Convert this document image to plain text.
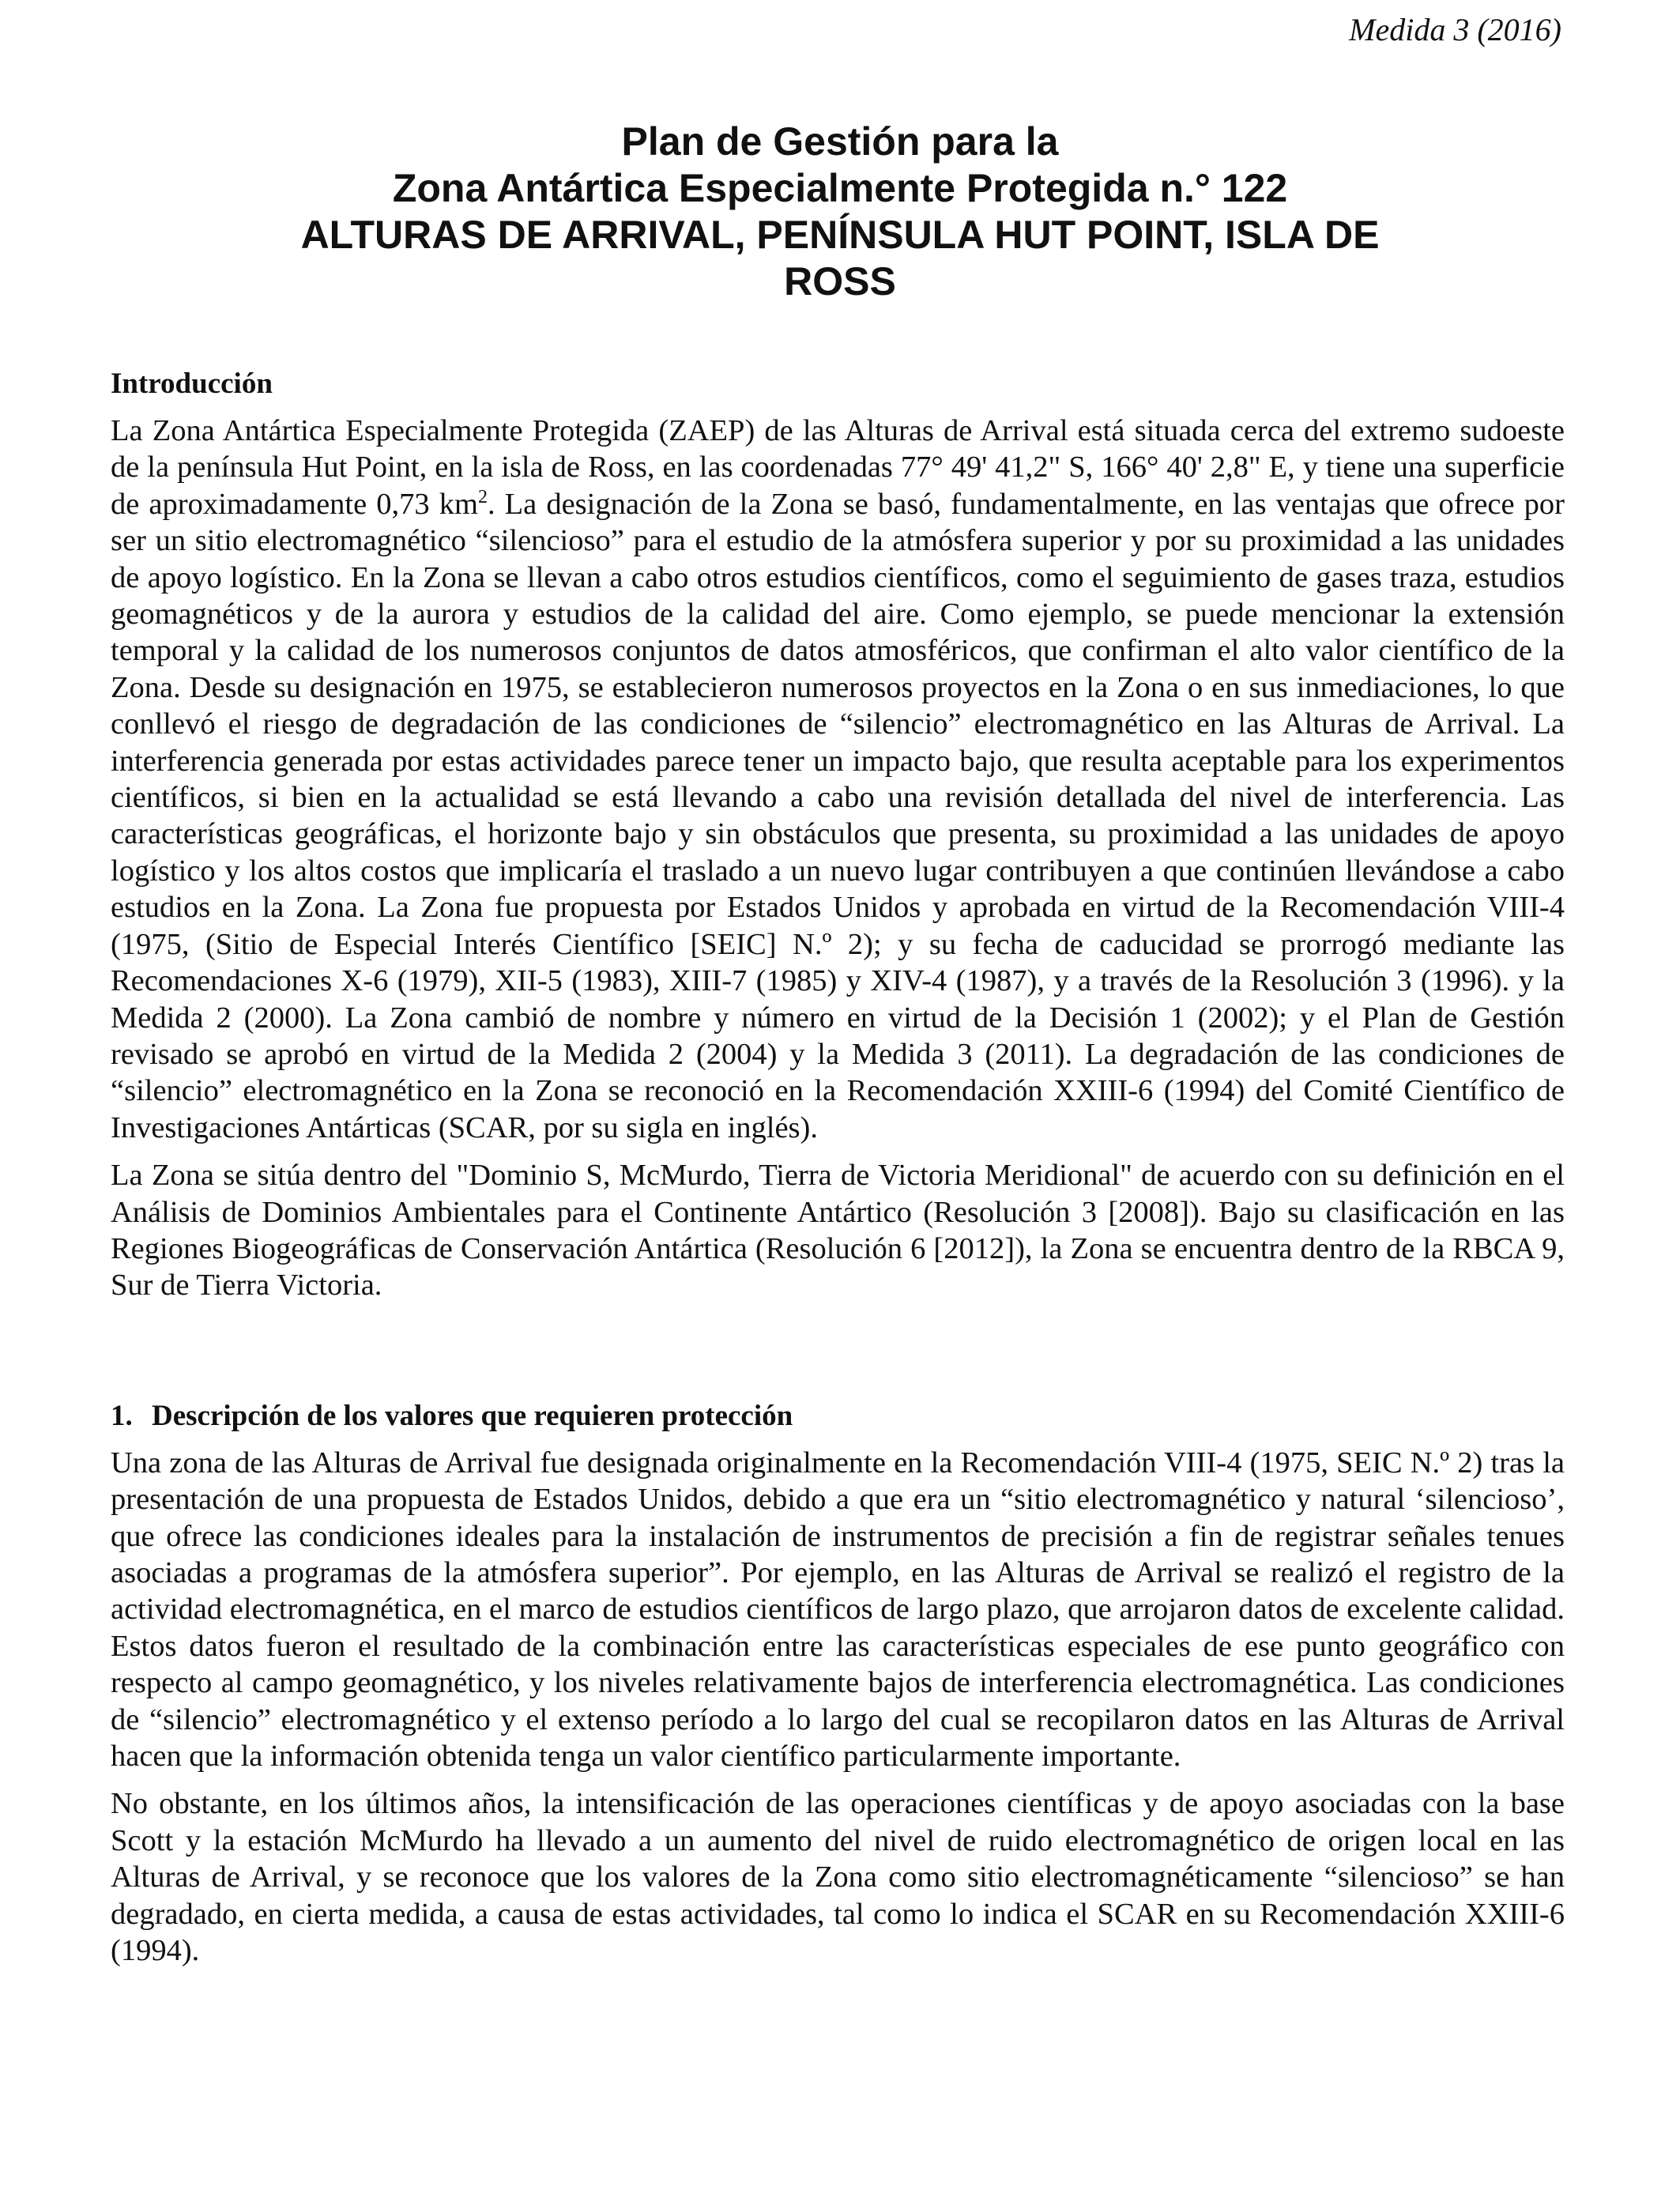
Medida 3 (2016)
Plan de Gestión para la
Zona Antártica Especialmente Protegida n.° 122
ALTURAS DE ARRIVAL, PENÍNSULA HUT POINT, ISLA DE
ROSS
Introducción

La Zona Antártica Especialmente Protegida (ZAEP) de las Alturas de Arrival está situada cerca del extremo sudoeste de la península Hut Point, en la isla de Ross, en las coordenadas 77° 49' 41,2" S, 166° 40' 2,8" E, y tiene una superficie de aproximadamente 0,73 $km^2$. La designación de la Zona se basó, fundamentalmente, en las ventajas que ofrece por ser un sitio electromagnético “silencioso” para el estudio de la atmósfera superior y por su proximidad a las unidades de apoyo logístico. En la Zona se llevan a cabo otros estudios científicos, como el seguimiento de gases traza, estudios geomagnéticos y de la aurora y estudios de la calidad del aire. Como ejemplo, se puede mencionar la extensión temporal y la calidad de los numerosos conjuntos de datos atmosféricos, que confirman el alto valor científico de la Zona. Desde su designación en 1975, se establecieron numerosos proyectos en la Zona o en sus inmediaciones, lo que conllevó el riesgo de degradación de las condiciones de “silencio” electromagnético en las Alturas de Arrival. La interferencia generada por estas actividades parece tener un impacto bajo, que resulta aceptable para los experimentos científicos, si bien en la actualidad se está llevando a cabo una revisión detallada del nivel de interferencia. Las características geográficas, el horizonte bajo y sin obstáculos que presenta, su proximidad a las unidades de apoyo logístico y los altos costos que implicaría el traslado a un nuevo lugar contribuyen a que continúen llevándose a cabo estudios en la Zona. La Zona fue propuesta por Estados Unidos y aprobada en virtud de la Recomendación VIII-4 (1975, (Sitio de Especial Interés Científico [SEIC] N.º 2); y su fecha de caducidad se prorrogó mediante las Recomendaciones X-6 (1979), XII-5 (1983), XIII-7 (1985) y XIV-4 (1987), y a través de la Resolución 3 (1996). y la Medida 2 (2000). La Zona cambió de nombre y número en virtud de la Decisión 1 (2002); y el Plan de Gestión revisado se aprobó en virtud de la Medida 2 (2004) y la Medida 3 (2011). La degradación de las condiciones de “silencio” electromagnético en la Zona se reconoció en la Recomendación XXIII-6 (1994) del Comité Científico de Investigaciones Antárticas (SCAR, por su sigla en inglés).

La Zona se sitúa dentro del "Dominio S, McMurdo, Tierra de Victoria Meridional" de acuerdo con su definición en el Análisis de Dominios Ambientales para el Continente Antártico (Resolución 3 [2008]). Bajo su clasificación en las Regiones Biogeográficas de Conservación Antártica (Resolución 6 [2012]), la Zona se encuentra dentro de la RBCA 9, Sur de Tierra Victoria.

1. Descripción de los valores que requieren protección

Una zona de las Alturas de Arrival fue designada originalmente en la Recomendación VIII-4 (1975, SEIC N.º 2) tras la presentación de una propuesta de Estados Unidos, debido a que era un “sitio electromagnético y natural ‘silencioso’, que ofrece las condiciones ideales para la instalación de instrumentos de precisión a fin de registrar señales tenues asociadas a programas de la atmósfera superior”. Por ejemplo, en las Alturas de Arrival se realizó el registro de la actividad electromagnética, en el marco de estudios científicos de largo plazo, que arrojaron datos de excelente calidad. Estos datos fueron el resultado de la combinación entre las características especiales de ese punto geográfico con respecto al campo geomagnético, y los niveles relativamente bajos de interferencia electromagnética. Las condiciones de “silencio” electromagnético y el extenso período a lo largo del cual se recopilaron datos en las Alturas de Arrival hacen que la información obtenida tenga un valor científico particularmente importante.

No obstante, en los últimos años, la intensificación de las operaciones científicas y de apoyo asociadas con la base Scott y la estación McMurdo ha llevado a un aumento del nivel de ruido electromagnético de origen local en las Alturas de Arrival, y se reconoce que los valores de la Zona como sitio electromagnéticamente “silencioso” se han degradado, en cierta medida, a causa de estas actividades, tal como lo indica el SCAR en su Recomendación XXIII-6 (1994).
